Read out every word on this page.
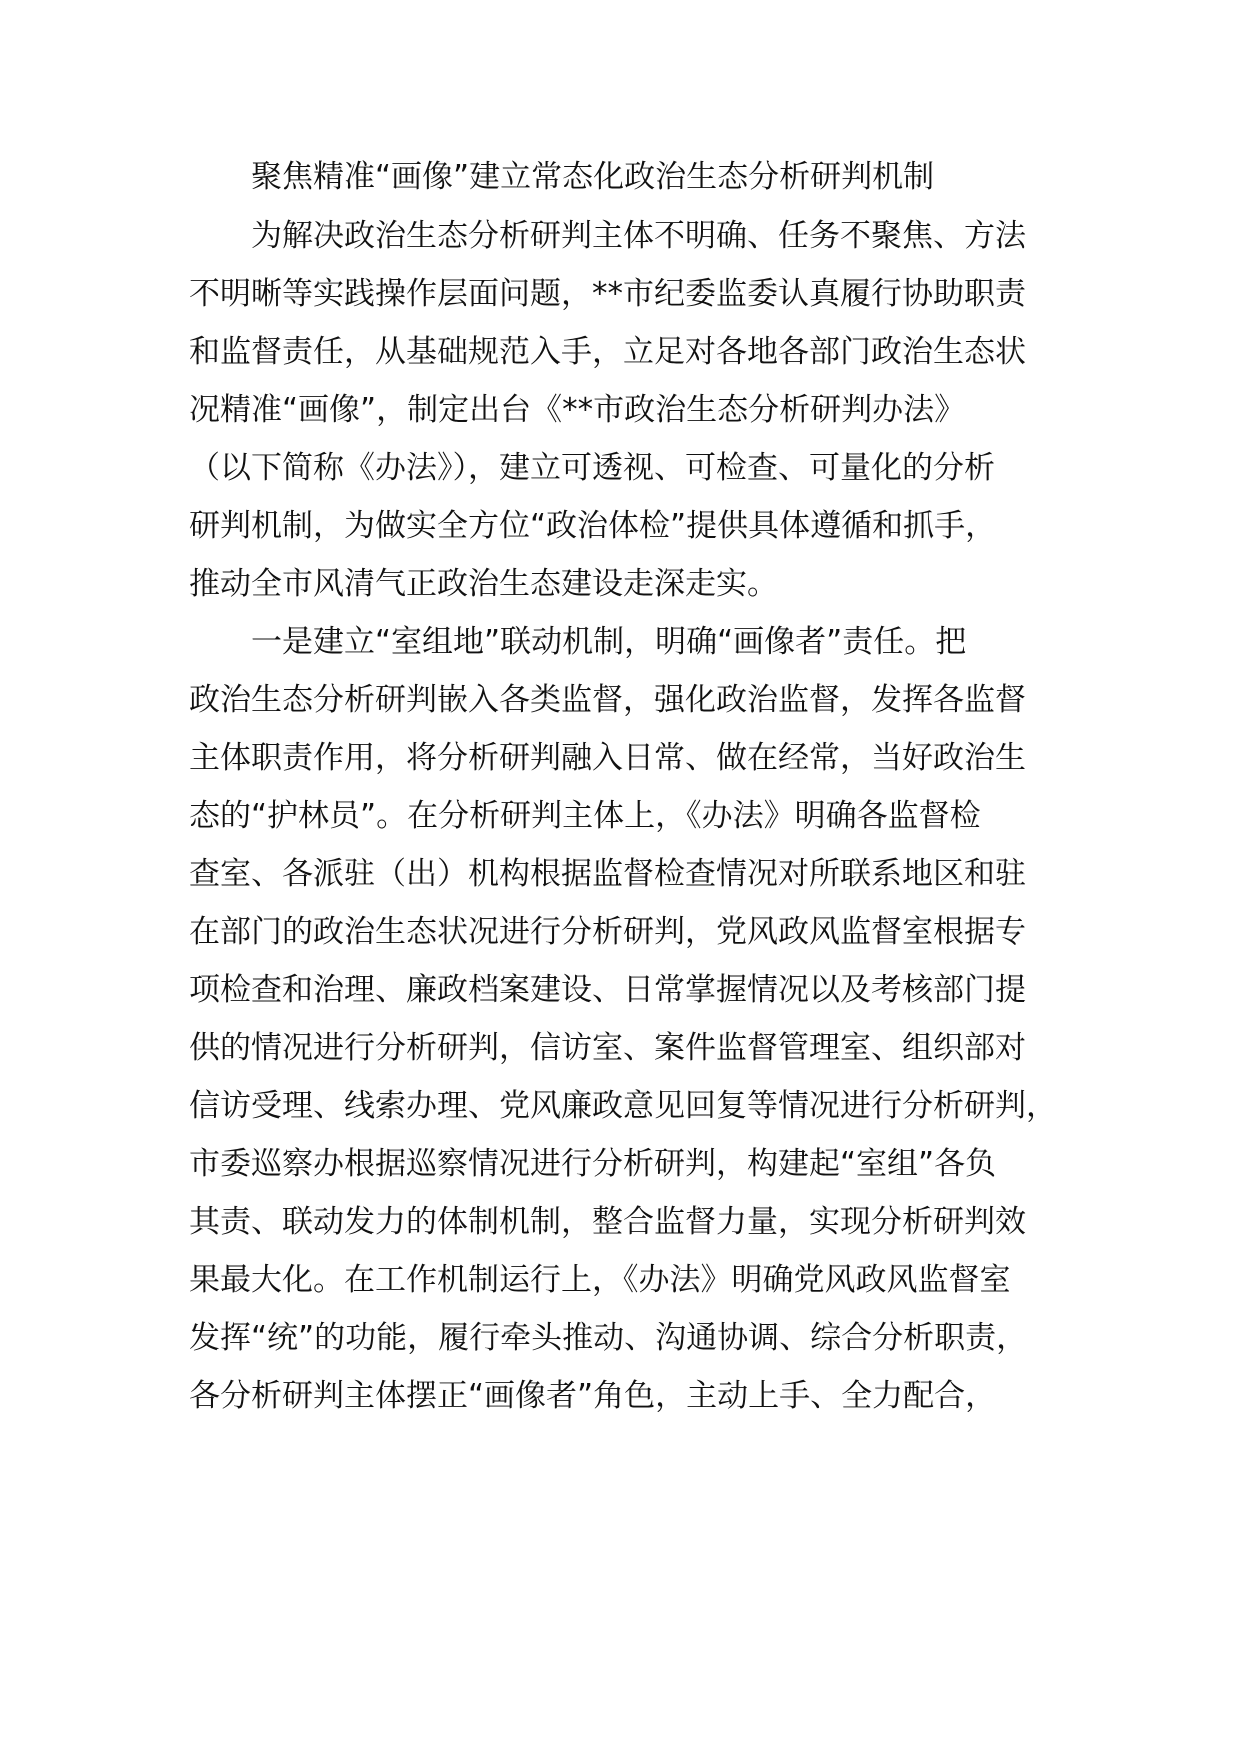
聚焦精准“画像”建立常态化政治生态分析研判机制

为解决政治生态分析研判主体不明确、任务不聚焦、方法

不明晰等实践操作层面问题，**市纪委监委认真履行协助职责

和监督责任，从基础规范入手，立足对各地各部门政治生态状

况精准“画像”，制定出台《**市政治生态分析研判办法》

（以下简称《办法》），建立可透视、可检查、可量化的分析

研判机制，为做实全方位“政治体检”提供具体遵循和抓手，

推动全市风清气正政治生态建设走深走实。

一是建立“室组地”联动机制，明确“画像者”责任。把

政治生态分析研判嵌入各类监督，强化政治监督，发挥各监督

主体职责作用，将分析研判融入日常、做在经常，当好政治生

态的“护林员”。在分析研判主体上，《办法》明确各监督检

查室、各派驻（出）机构根据监督检查情况对所联系地区和驻

在部门的政治生态状况进行分析研判，党风政风监督室根据专

项检查和治理、廉政档案建设、日常掌握情况以及考核部门提

供的情况进行分析研判，信访室、案件监督管理室、组织部对

信访受理、线索办理、党风廉政意见回复等情况进行分析研判，

市委巡察办根据巡察情况进行分析研判，构建起“室组”各负

其责、联动发力的体制机制，整合监督力量，实现分析研判效

果最大化。在工作机制运行上，《办法》明确党风政风监督室

发挥“统”的功能，履行牵头推动、沟通协调、综合分析职责，

各分析研判主体摆正“画像者”角色，主动上手、全力配合，
